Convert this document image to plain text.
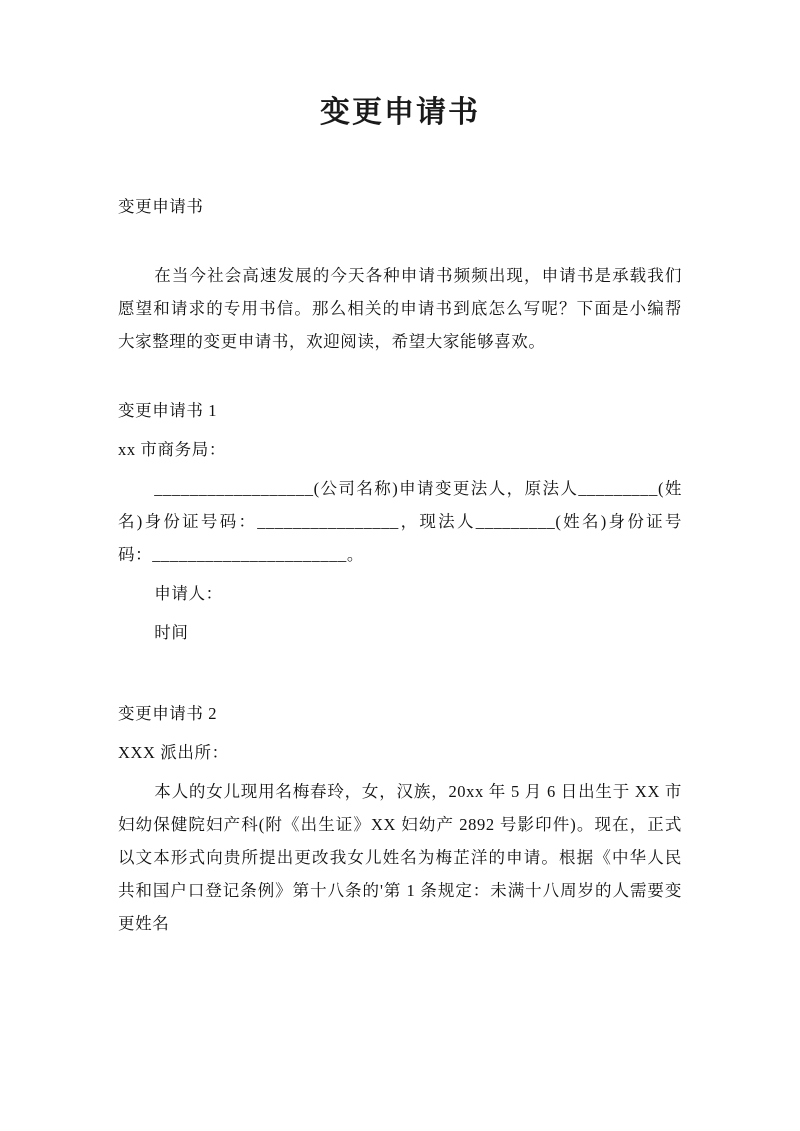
变更申请书

变更申请书

在当今社会高速发展的今天各种申请书频频出现，申请书是承载我们愿望和请求的专用书信。那么相关的申请书到底怎么写呢？下面是小编帮大家整理的变更申请书，欢迎阅读，希望大家能够喜欢。

变更申请书 1

xx 市商务局：

__________________(公司名称)申请变更法人，原法人_________(姓名)身份证号码：________________，现法人_________(姓名)身份证号码：______________________。

申请人：

时间

变更申请书 2

XXX 派出所：

本人的女儿现用名梅春玲，女，汉族，20xx 年 5 月 6 日出生于 XX 市妇幼保健院妇产科(附《出生证》XX 妇幼产 2892 号影印件)。现在，正式以文本形式向贵所提出更改我女儿姓名为梅芷洋的申请。根据《中华人民共和国户口登记条例》第十八条的'第 1 条规定：未满十八周岁的人需要变更姓名
